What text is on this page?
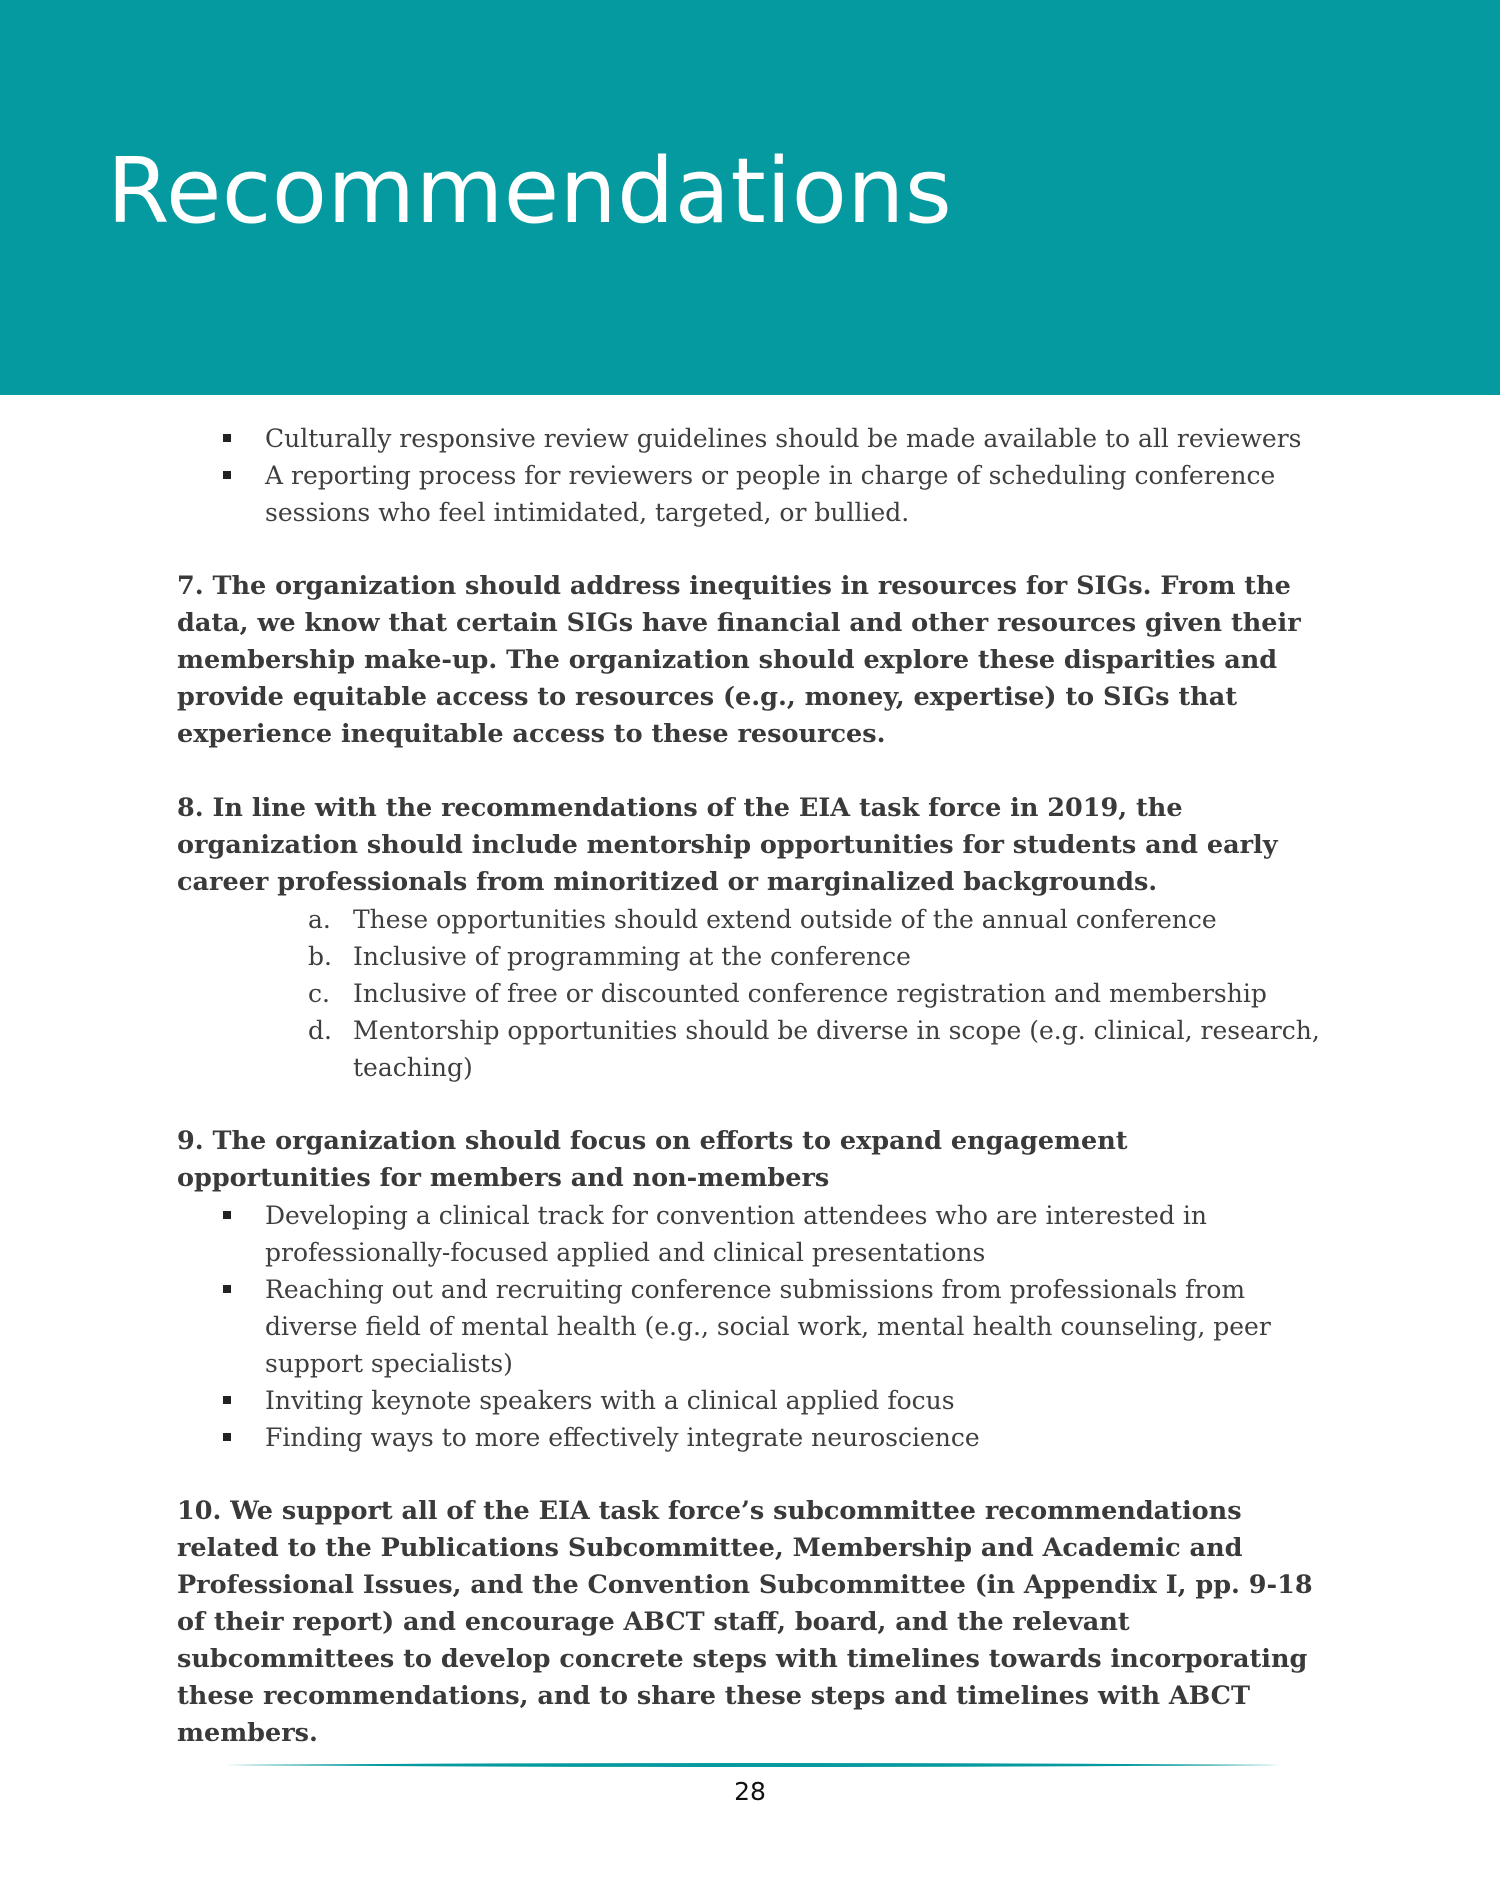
Recommendations
Culturally responsive review guidelines should be made available to all reviewers
A reporting process for reviewers or people in charge of scheduling conference sessions who feel intimidated, targeted, or bullied.

7. The organization should address inequities in resources for SIGs. From the data, we know that certain SIGs have financial and other resources given their membership make-up. The organization should explore these disparities and provide equitable access to resources (e.g., money, expertise) to SIGs that experience inequitable access to these resources.

8. In line with the recommendations of the EIA task force in 2019, the organization should include mentorship opportunities for students and early career professionals from minoritized or marginalized backgrounds.

a. These opportunities should extend outside of the annual conference
b. Inclusive of programming at the conference
c. Inclusive of free or discounted conference registration and membership
d. Mentorship opportunities should be diverse in scope (e.g. clinical, research, teaching)

9. The organization should focus on efforts to expand engagement opportunities for members and non-members

Developing a clinical track for convention attendees who are interested in professionally-focused applied and clinical presentations
Reaching out and recruiting conference submissions from professionals from diverse field of mental health (e.g., social work, mental health counseling, peer support specialists)
Inviting keynote speakers with a clinical applied focus
Finding ways to more effectively integrate neuroscience

10. We support all of the EIA task force’s subcommittee recommendations related to the Publications Subcommittee, Membership and Academic and Professional Issues, and the Convention Subcommittee (in Appendix I, pp. 9-18 of their report) and encourage ABCT staff, board, and the relevant subcommittees to develop concrete steps with timelines towards incorporating these recommendations, and to share these steps and timelines with ABCT members.

28
